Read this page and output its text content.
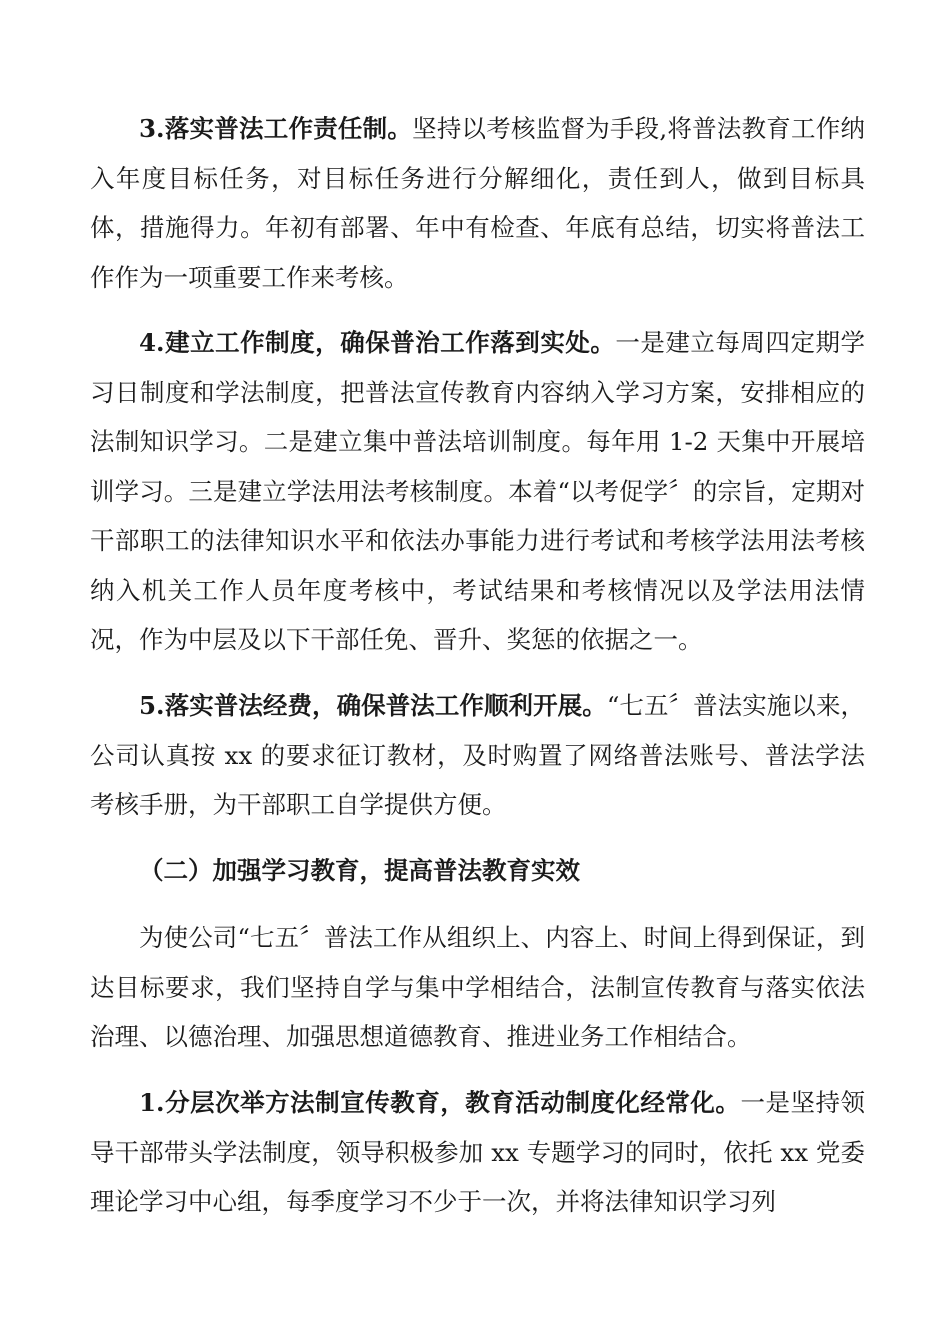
3.落实普法工作责任制。坚持以考核监督为手段,将普法教育工作纳入年度目标任务，对目标任务进行分解细化，责任到人，做到目标具体，措施得力。年初有部署、年中有检查、年底有总结，切实将普法工作作为一项重要工作来考核。

4.建立工作制度，确保普治工作落到实处。一是建立每周四定期学习日制度和学法制度，把普法宣传教育内容纳入学习方案，安排相应的法制知识学习。二是建立集中普法培训制度。每年用 1-2 天集中开展培训学习。三是建立学法用法考核制度。本着“以考促学〞的宗旨，定期对干部职工的法律知识水平和依法办事能力进行考试和考核学法用法考核纳入机关工作人员年度考核中，考试结果和考核情况以及学法用法情况，作为中层及以下干部任免、晋升、奖惩的依据之一。

5.落实普法经费，确保普法工作顺利开展。“七五〞普法实施以来，公司认真按 xx 的要求征订教材，及时购置了网络普法账号、普法学法考核手册，为干部职工自学提供方便。

（二）加强学习教育，提高普法教育实效

为使公司“七五〞普法工作从组织上、内容上、时间上得到保证，到达目标要求，我们坚持自学与集中学相结合，法制宣传教育与落实依法治理、以德治理、加强思想道德教育、推进业务工作相结合。

1.分层次举方法制宣传教育，教育活动制度化经常化。一是坚持领导干部带头学法制度，领导积极参加 xx 专题学习的同时，依托 xx 党委理论学习中心组，每季度学习不少于一次，并将法律知识学习列
